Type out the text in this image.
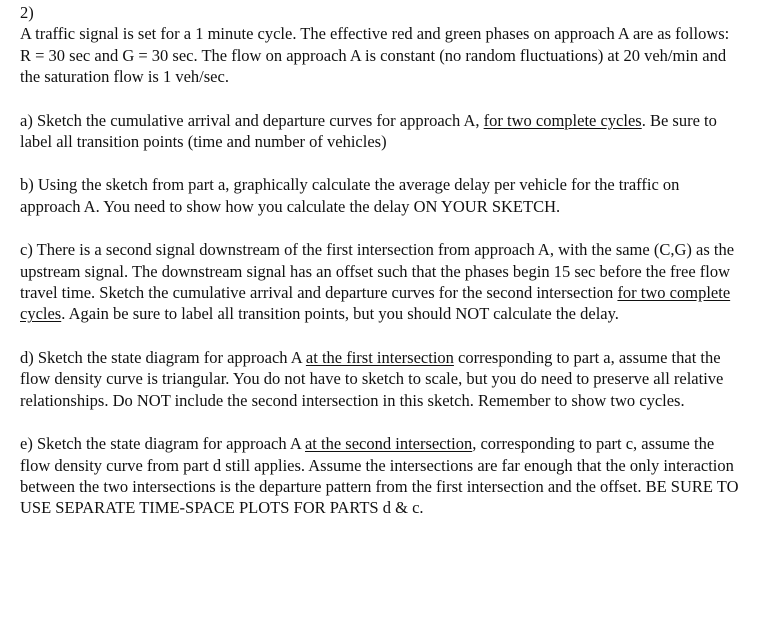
2)

A traffic signal is set for a 1 minute cycle. The effective red and green phases on approach A are as follows: R = 30 sec and G = 30 sec. The flow on approach A is constant (no random fluctuations) at 20 veh/min and the saturation flow is 1 veh/sec.

a) Sketch the cumulative arrival and departure curves for approach A, for two complete cycles. Be sure to label all transition points (time and number of vehicles)

b) Using the sketch from part a, graphically calculate the average delay per vehicle for the traffic on approach A. You need to show how you calculate the delay ON YOUR SKETCH.

c) There is a second signal downstream of the first intersection from approach A, with the same (C,G) as the upstream signal. The downstream signal has an offset such that the phases begin 15 sec before the free flow travel time. Sketch the cumulative arrival and departure curves for the second intersection for two complete cycles. Again be sure to label all transition points, but you should NOT calculate the delay.

d) Sketch the state diagram for approach A at the first intersection corresponding to part a, assume that the flow density curve is triangular. You do not have to sketch to scale, but you do need to preserve all relative relationships. Do NOT include the second intersection in this sketch. Remember to show two cycles.

e) Sketch the state diagram for approach A at the second intersection, corresponding to part c, assume the flow density curve from part d still applies. Assume the intersections are far enough that the only interaction between the two intersections is the departure pattern from the first intersection and the offset. BE SURE TO USE SEPARATE TIME-SPACE PLOTS FOR PARTS d & c.
